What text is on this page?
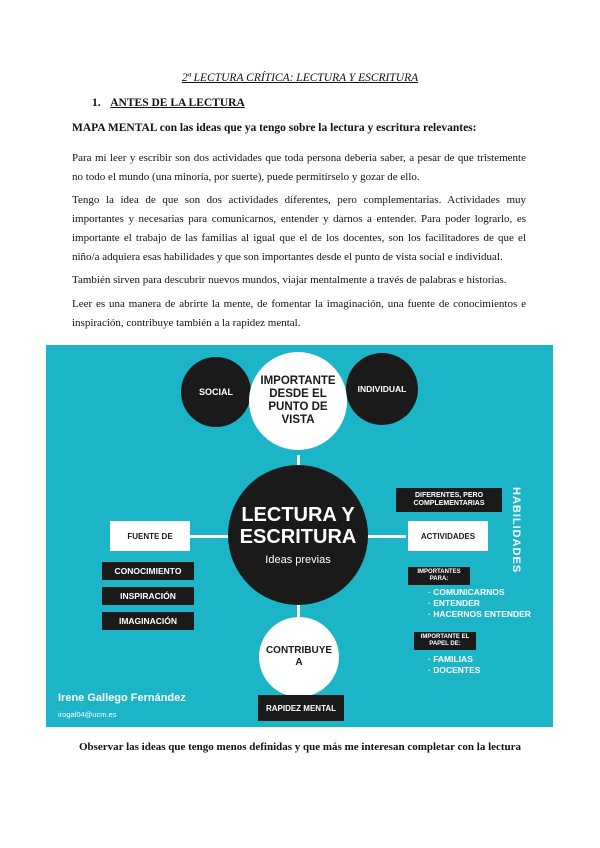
2ª LECTURA CRÍTICA: LECTURA Y ESCRITURA
1. ANTES DE LA LECTURA
MAPA MENTAL con las ideas que ya tengo sobre la lectura y escritura relevantes:
Para mí leer y escribir son dos actividades que toda persona debería saber, a pesar de que tristemente no todo el mundo (una minoría, por suerte), puede permitírselo y gozar de ello.
Tengo la idea de que son dos actividades diferentes, pero complementarias. Actividades muy importantes y necesarias para comunicarnos, entender y darnos a entender. Para poder lograrlo, es importante el trabajo de las familias al igual que el de los docentes, son los facilitadores de que el niño/a adquiera esas habilidades y que son importantes desde el punto de vista social e individual.
También sirven para descubrir nuevos mundos, viajar mentalmente a través de palabras e historias.
Leer es una manera de abrirte la mente, de fomentar la imaginación, una fuente de conocimientos e inspiración, contribuye también a la rapidez mental.
SOCIAL	INDIVIDUAL
IMPORTANTE DESDE EL PUNTO DE VISTA
LECTURA Y ESCRITURA
Ideas previas
FUENTE DE
CONOCIMIENTO
INSPIRACIÓN
IMAGINACIÓN
DIFERENTES, PERO COMPLEMENTARIAS
ACTIVIDADES	HABILIDADES
IMPORTANTES PARA:
· COMUNICARNOS
· ENTENDER
· HACERNOS ENTENDER
IMPORTANTE EL PAPEL DE:
· FAMILIAS
· DOCENTES
CONTRIBUYE A
RAPIDEZ MENTAL
Irene Gallego Fernández
irogal04@ucm.es
Observar las ideas que tengo menos definidas y que más me interesan completar con la lectura
